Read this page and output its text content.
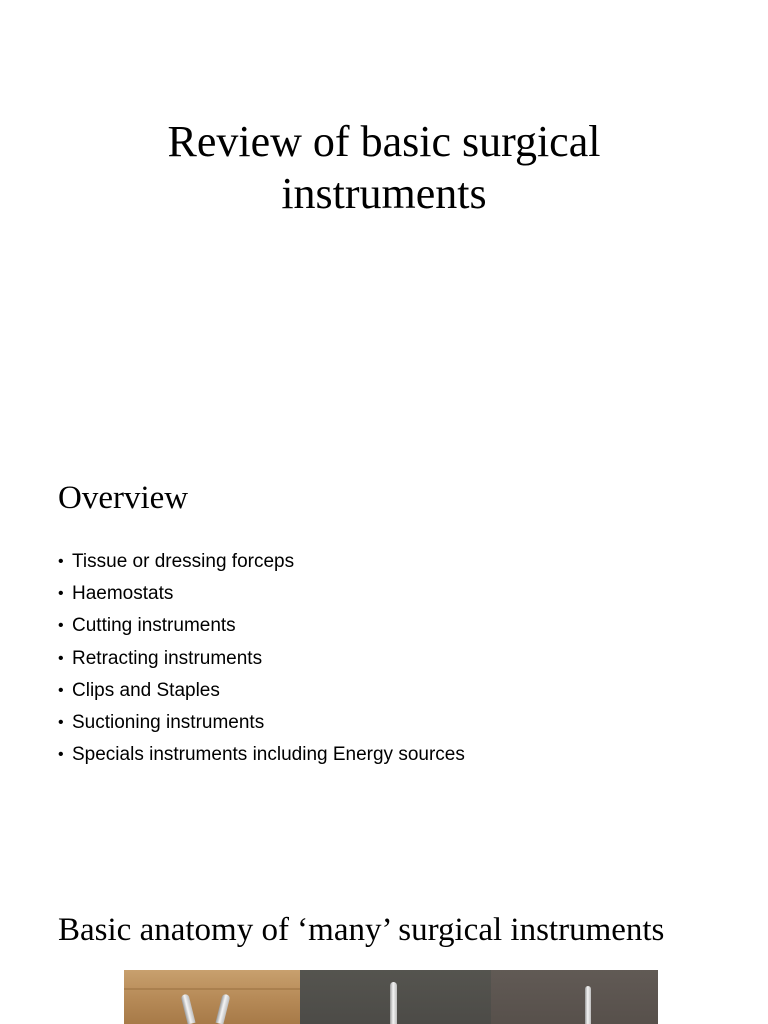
Review of basic surgical
instruments
Overview
• Tissue or dressing forceps
• Haemostats
• Cutting instruments
• Retracting instruments
• Clips and Staples
• Suctioning instruments
• Specials instruments including Energy sources
Basic anatomy of ‘many’ surgical instruments
